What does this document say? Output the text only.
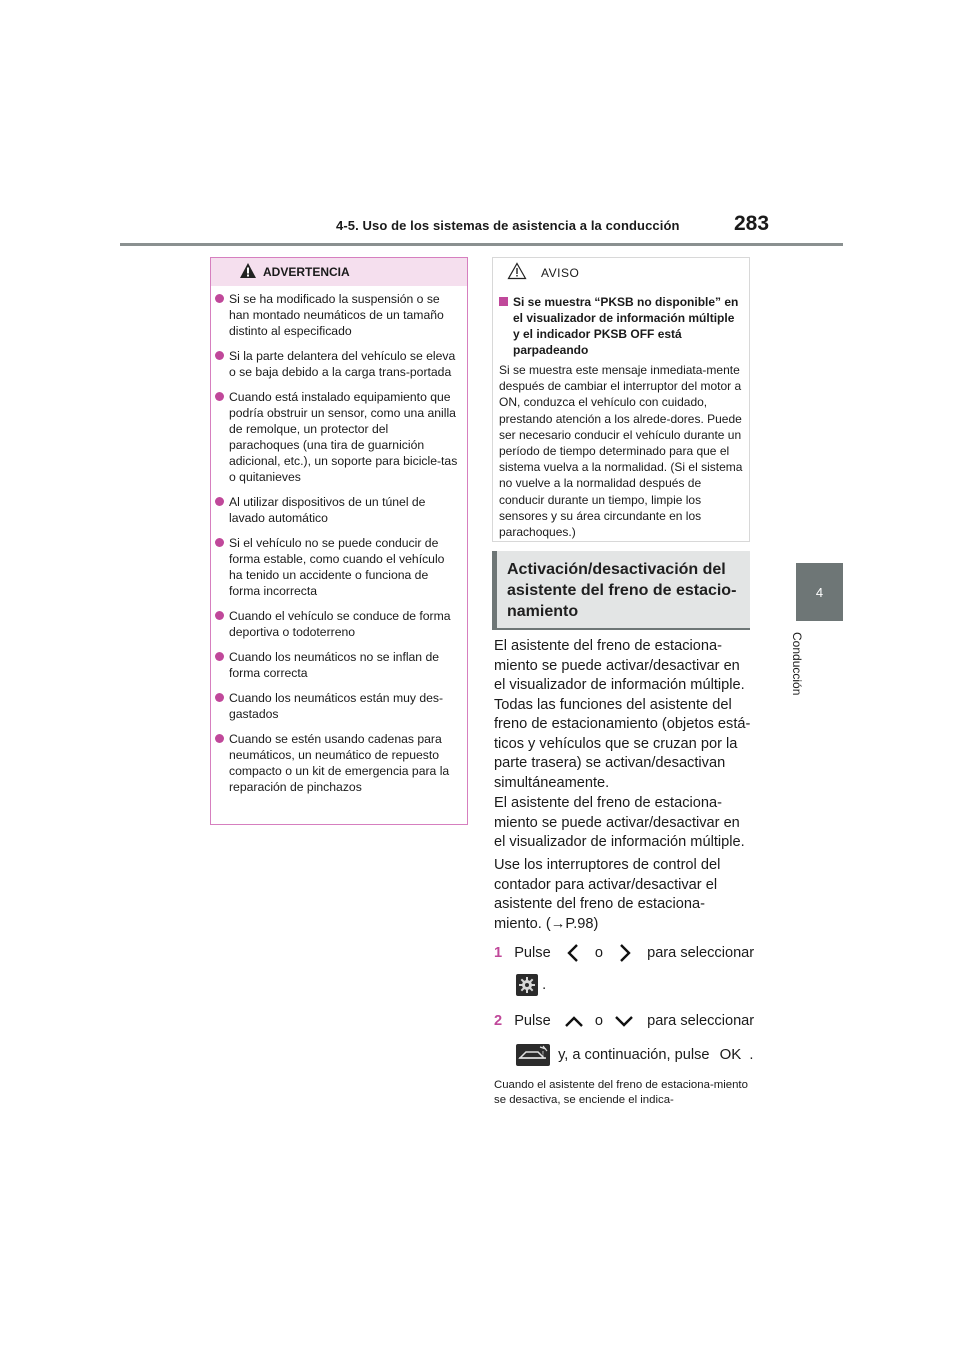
4-5. Uso de los sistemas de asistencia a la conducción	283
4
Conducción
ADVERTENCIA
Si se ha modificado la suspensión o se han montado neumáticos de un tamaño distinto al especificado
Si la parte delantera del vehículo se eleva o se baja debido a la carga trans-portada
Cuando está instalado equipamiento que podría obstruir un sensor, como una anilla de remolque, un protector del parachoques (una tira de guarnición adicional, etc.), un soporte para bicicle-tas o quitanieves
Al utilizar dispositivos de un túnel de lavado automático
Si el vehículo no se puede conducir de forma estable, como cuando el vehículo ha tenido un accidente o funciona de forma incorrecta
Cuando el vehículo se conduce de forma deportiva o todoterreno
Cuando los neumáticos no se inflan de forma correcta
Cuando los neumáticos están muy des-gastados
Cuando se estén usando cadenas para neumáticos, un neumático de repuesto compacto o un kit de emergencia para la reparación de pinchazos
AVISO
Si se muestra “PKSB no disponible” en el visualizador de información múltiple y el indicador PKSB OFF está parpadeando
Si se muestra este mensaje inmediata-mente después de cambiar el interruptor del motor a ON, conduzca el vehículo con cuidado, prestando atención a los alrede-dores. Puede ser necesario conducir el vehículo durante un período de tiempo determinado para que el sistema vuelva a la normalidad. (Si el sistema no vuelve a la normalidad después de conducir durante un tiempo, limpie los sensores y su área circundante en los parachoques.)
Activación/desactivación del asistente del freno de estacio-namiento
El asistente del freno de estaciona-miento se puede activar/desactivar en el visualizador de información múltiple. Todas las funciones del asistente del freno de estacionamiento (objetos está-ticos y vehículos que se cruzan por la parte trasera) se activan/desactivan simultáneamente.
El asistente del freno de estaciona-miento se puede activar/desactivar en el visualizador de información múltiple.
Use los interruptores de control del contador para activar/desactivar el asistente del freno de estaciona-miento. (→P.98)
1 Pulse	o	para seleccionar
.
2 Pulse	o	para seleccionar
! y, a continuación, pulse OK .
Cuando el asistente del freno de estaciona-miento se desactiva, se enciende el indica-
